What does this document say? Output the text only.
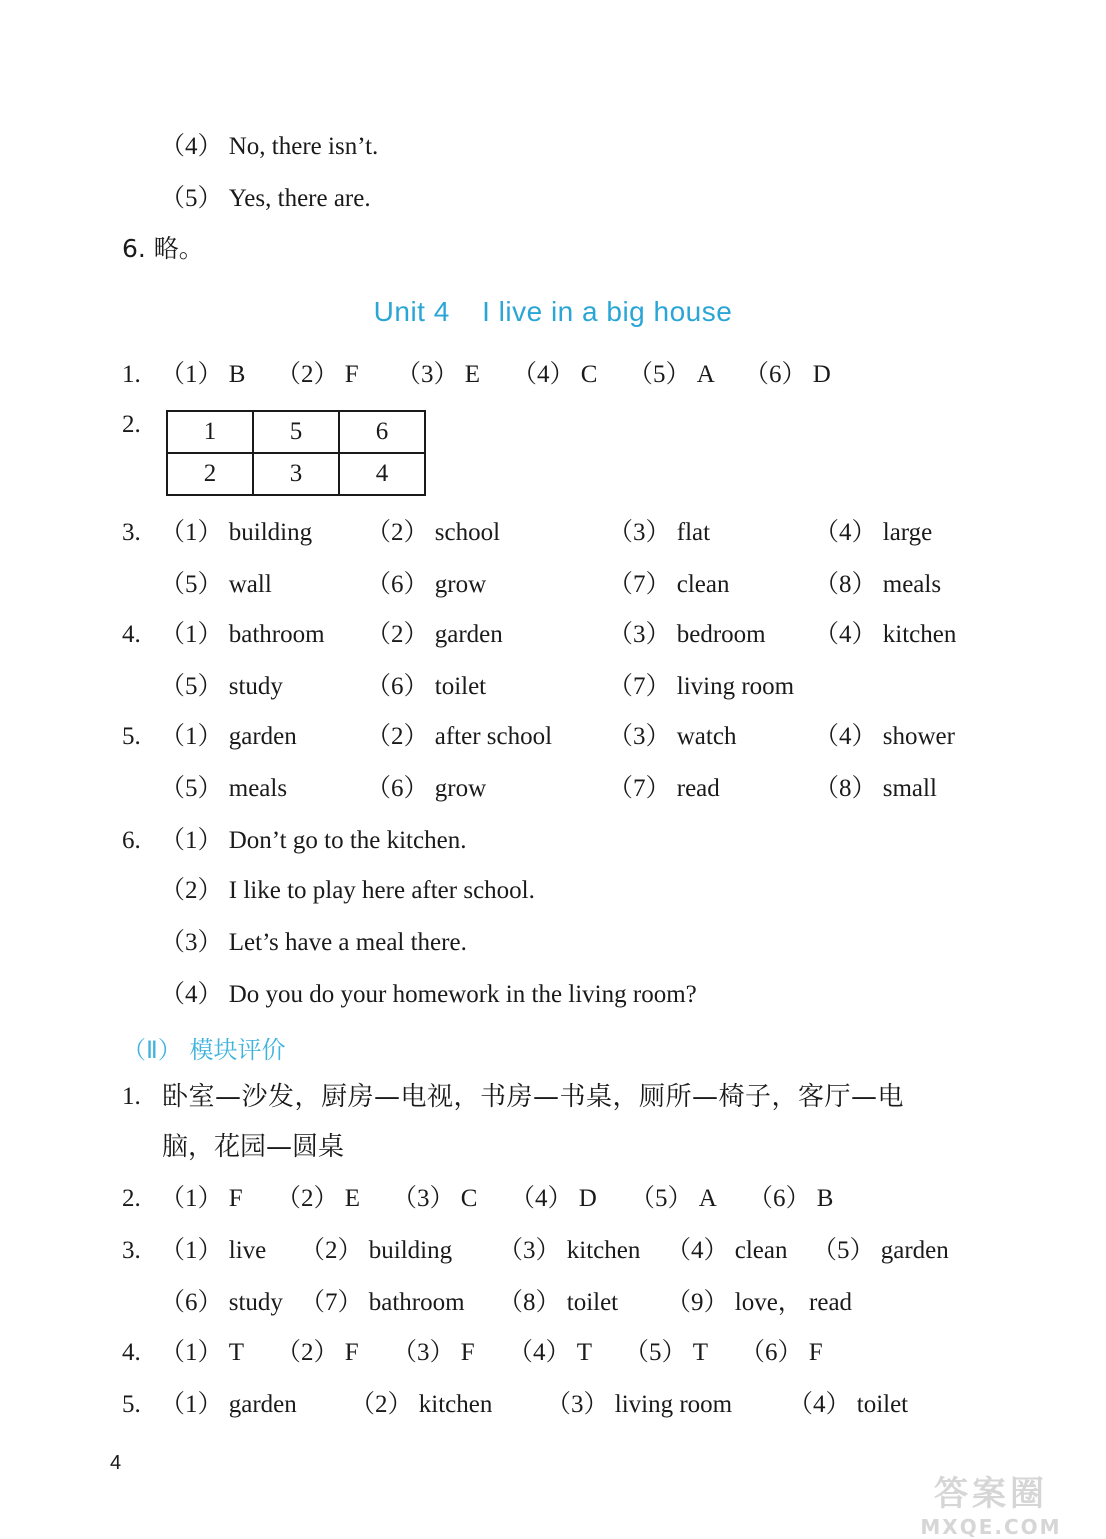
（4） No, there isn’t.
（5） Yes, there are.
6. 略。
Unit 4 I live in a big house
1. （1） B （2） F （3） E （4） C （5） A （6） D
2.	1	5	6
2	3	4
3. （1） building （2） school	（3） flat	（4） large
（5） wall	（6） grow	（7） clean	（8） meals
4. （1） bathroom （2） garden	（3） bedroom （4） kitchen
（5） study	（6） toilet	（7） living room
5. （1） garden	（2） after school （3） watch	（4） shower
（5） meals	（6） grow	（7） read	（8） small
6. （1） Don’t go to the kitchen.
（2） I like to play here after school.
（3） Let’s have a meal there.
（4） Do you do your homework in the living room?
（Ⅱ） 模块评价
1. 卧室—沙发，厨房—电视，书房—书桌，厕所—椅子，客厅—电
脑，花园—圆桌
2. （1） F （2） E （3） C （4） D （5） A （6） B
3. （1） live （2） building （3） kitchen （4） clean （5） garden
（6） study （7） bathroom （8） toilet （9） love， read
4. （1） T （2） F （3） F （4） T （5） T （6） F
5. （1） garden （2） kitchen （3） living room （4） toilet
4
答案圈
MXQE.COM
